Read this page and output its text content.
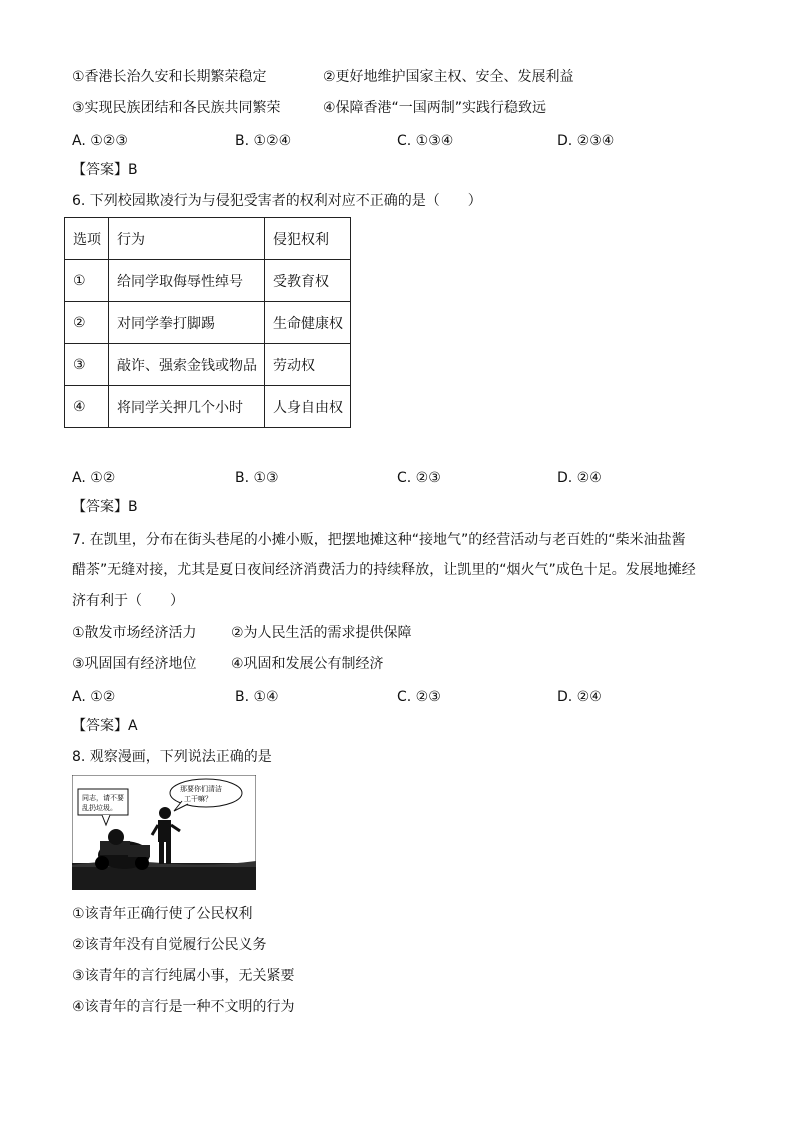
①香港长治久安和长期繁荣稳定	②更好地维护国家主权、安全、发展利益
③实现民族团结和各民族共同繁荣	④保障香港“一国两制”实践行稳致远
A. ①②③	B. ①②④	C. ①③④	D. ②③④
【答案】B
6. 下列校园欺凌行为与侵犯受害者的权利对应不正确的是（　　）
选项	行为	侵犯权利
①	给同学取侮辱性绰号	受教育权
②	对同学拳打脚踢	生命健康权
③	敲诈、强索金钱或物品	劳动权
④	将同学关押几个小时	人身自由权
A. ①②	B. ①③	C. ②③	D. ②④
【答案】B
7. 在凯里，分布在街头巷尾的小摊小贩，把摆地摊这种“接地气”的经营活动与老百姓的“柴米油盐酱
醋茶”无缝对接，尤其是夏日夜间经济消费活力的持续释放，让凯里的“烟火气”成色十足。发展地摊经
济有利于（　　）
①散发市场经济活力 ②为人民生活的需求提供保障
③巩固国有经济地位 ④巩固和发展公有制经济
A. ①②	B. ①④	C. ②③	D. ②④
【答案】A
8. 观察漫画，下列说法正确的是
同志，请不要
乱扔垃圾。
那要你们清洁
工干嘛？
①该青年正确行使了公民权利
②该青年没有自觉履行公民义务
③该青年的言行纯属小事，无关紧要
④该青年的言行是一种不文明的行为
